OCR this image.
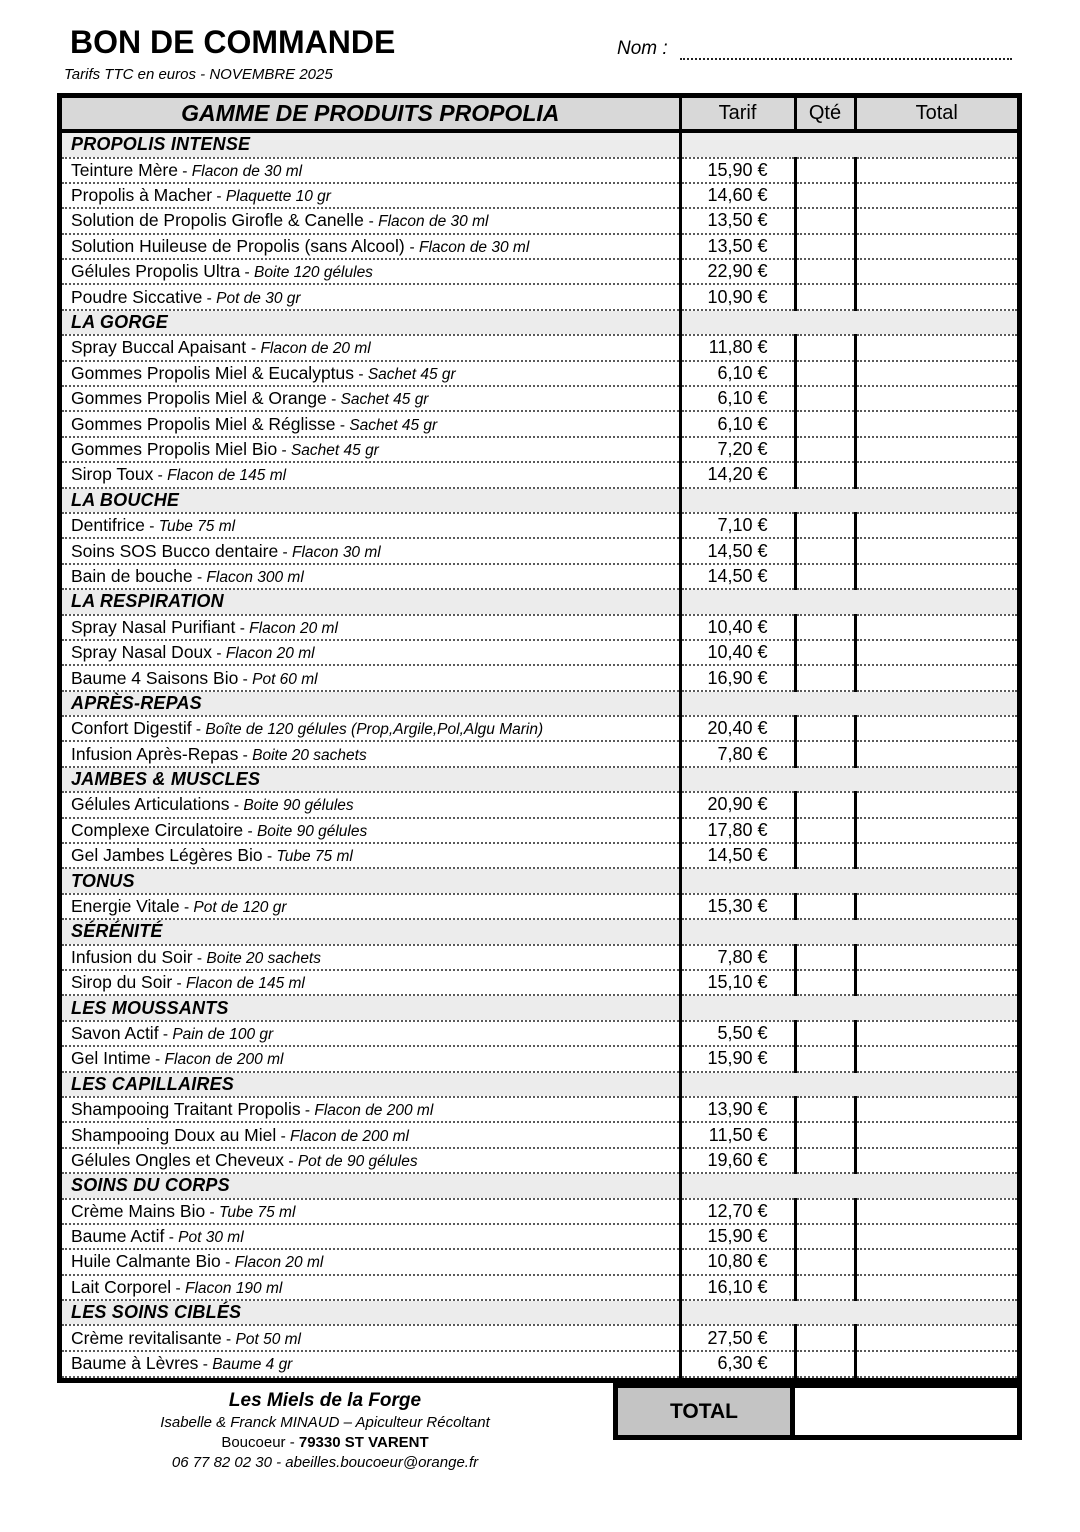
BON DE COMMANDE	Nom :
Tarifs TTC en euros - NOVEMBRE 2025
GAMME DE PRODUITS PROPOLIA	Tarif	Qté	Total
PROPOLIS INTENSE			
Teinture Mère - Flacon de 30 ml	15,90 €		
Propolis à Macher - Plaquette 10 gr	14,60 €		
Solution de Propolis Girofle & Canelle - Flacon de 30 ml	13,50 €		
Solution Huileuse de Propolis (sans Alcool) - Flacon de 30 ml	13,50 €		
Gélules Propolis Ultra - Boite 120 gélules	22,90 €		
Poudre Siccative - Pot de 30 gr	10,90 €		
LA GORGE			
Spray Buccal Apaisant - Flacon de 20 ml	11,80 €		
Gommes Propolis Miel & Eucalyptus - Sachet 45 gr	6,10 €		
Gommes Propolis Miel & Orange - Sachet 45 gr	6,10 €		
Gommes Propolis Miel & Réglisse - Sachet 45 gr	6,10 €		
Gommes Propolis Miel Bio - Sachet 45 gr	7,20 €		
Sirop Toux - Flacon de 145 ml	14,20 €		
LA BOUCHE			
Dentifrice - Tube 75 ml	7,10 €		
Soins SOS Bucco dentaire - Flacon 30 ml	14,50 €		
Bain de bouche - Flacon 300 ml	14,50 €		
LA RESPIRATION			
Spray Nasal Purifiant - Flacon 20 ml	10,40 €		
Spray Nasal Doux - Flacon 20 ml	10,40 €		
Baume 4 Saisons Bio - Pot 60 ml	16,90 €		
APRÈS-REPAS			
Confort Digestif - Boîte de 120 gélules (Prop,Argile,Pol,Algu Marin)	20,40 €		
Infusion Après-Repas - Boite 20 sachets	7,80 €		
JAMBES & MUSCLES			
Gélules Articulations - Boite 90 gélules	20,90 €		
Complexe Circulatoire - Boite 90 gélules	17,80 €		
Gel Jambes Légères Bio - Tube 75 ml	14,50 €		
TONUS			
Energie Vitale - Pot de 120 gr	15,30 €		
SÉRÉNITÉ			
Infusion du Soir - Boite 20 sachets	7,80 €		
Sirop du Soir - Flacon de 145 ml	15,10 €		
LES MOUSSANTS			
Savon Actif - Pain de 100 gr	5,50 €		
Gel Intime - Flacon de 200 ml	15,90 €		
LES CAPILLAIRES			
Shampooing Traitant Propolis - Flacon de 200 ml	13,90 €		
Shampooing Doux au Miel - Flacon de 200 ml	11,50 €		
Gélules Ongles et Cheveux - Pot de 90 gélules	19,60 €		
SOINS DU CORPS			
Crème Mains Bio - Tube 75 ml	12,70 €		
Baume Actif - Pot 30 ml	15,90 €		
Huile Calmante Bio - Flacon 20 ml	10,80 €		
Lait Corporel - Flacon 190 ml	16,10 €		
LES SOINS CIBLÉS			
Crème revitalisante - Pot 50 ml	27,50 €		
Baume à Lèvres - Baume 4 gr	6,30 €		
TOTAL
Les Miels de la Forge
Isabelle & Franck MINAUD – Apiculteur Récoltant
Boucoeur - 79330 ST VARENT
06 77 82 02 30 - abeilles.boucoeur@orange.fr
